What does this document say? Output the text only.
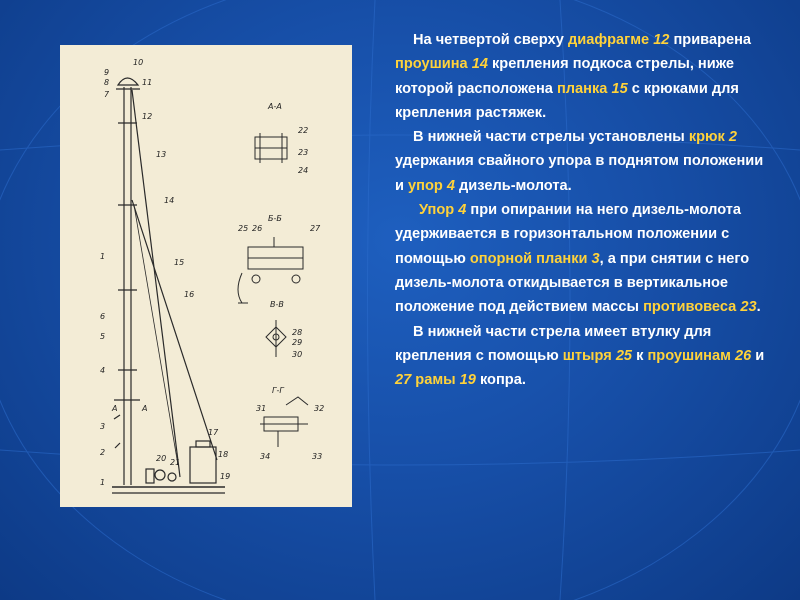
A-A
Б-Б
В-В
Г-Г
10
9
8
7
11
12
13
14
15
16
1
6
5
4
3
2
1
18
17
20
19
21
22
23
24
25 26	27
28
29
30
31	32
33
34
А	А

На четвертой сверху диафрагме 12 приварена проушина 14 крепления подкоса стрелы, ниже которой расположена планка 15 с крюками для крепления растяжек.

В нижней части стрелы установлены крюк 2 удержания свайного упора в поднятом положении и упор 4 дизель-молота.

Упор 4 при опирании на него дизель-молота удерживается в горизонтальном положении с помощью опорной планки 3, а при снятии с него дизель-молота откидывается в вертикальное положение под действием массы противовеса 23.

В нижней части стрела имеет втулку для крепления с помощью штыря 25 к проушинам 26 и 27 рамы 19 копра.
